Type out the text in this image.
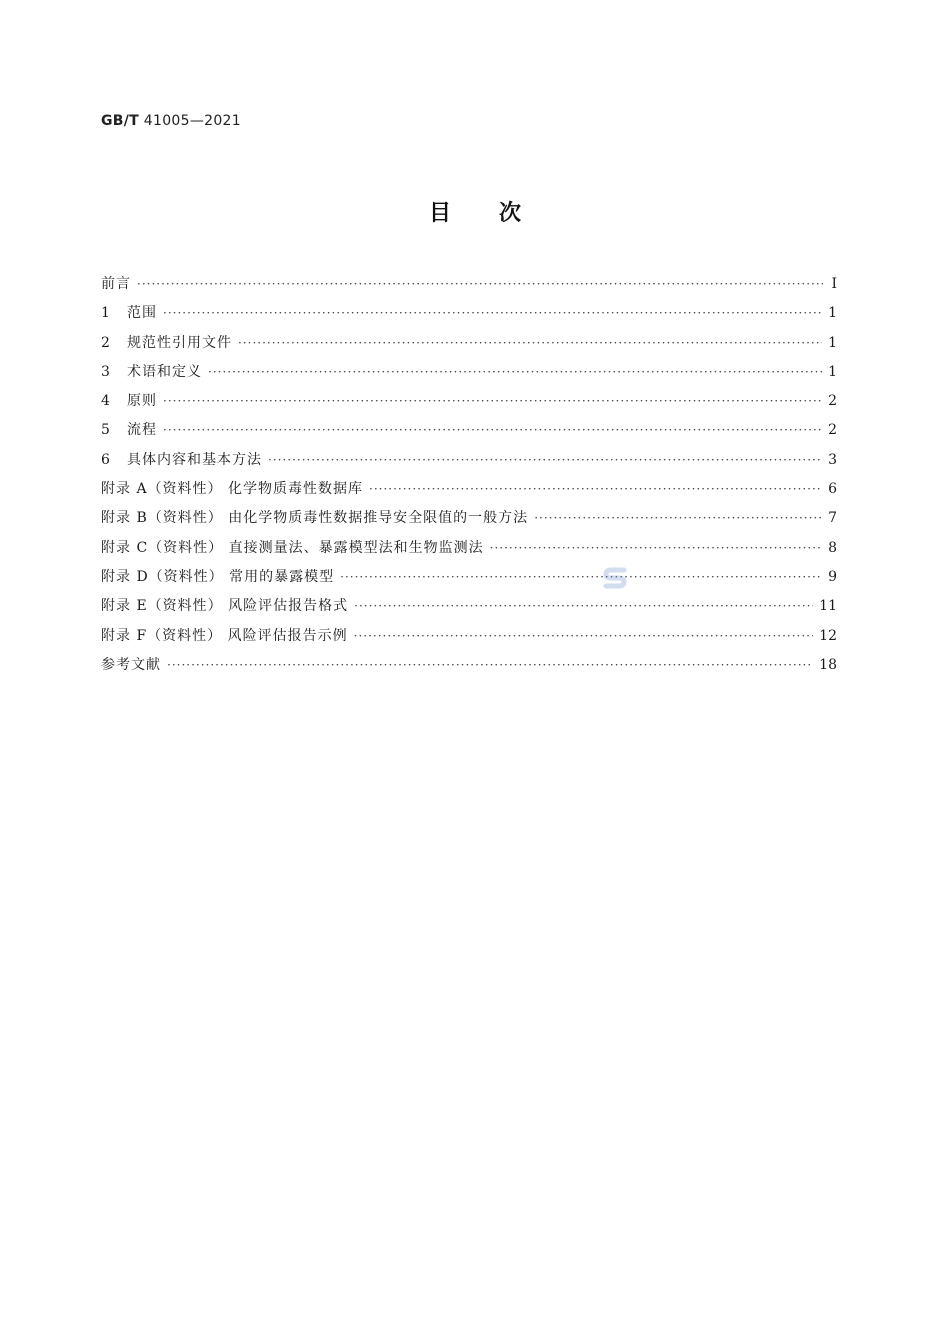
GB/T 41005—2021
目次
前言 ·····	Ⅰ
1 范围 ·····	1
2 规范性引用文件 ·····	1
3 术语和定义 ·····	1
4 原则 ·····	2
5 流程 ·····	2
6 具体内容和基本方法 ·····	3
附录 A（资料性） 化学物质毒性数据库 ·····	6
附录 B（资料性） 由化学物质毒性数据推导安全限值的一般方法 ·····	7
附录 C（资料性） 直接测量法、暴露模型法和生物监测法 ·····	8
附录 D（资料性） 常用的暴露模型 ·····	9
附录 E（资料性） 风险评估报告格式 ·····	11
附录 F（资料性） 风险评估报告示例 ·····	12
参考文献 ·····	18
